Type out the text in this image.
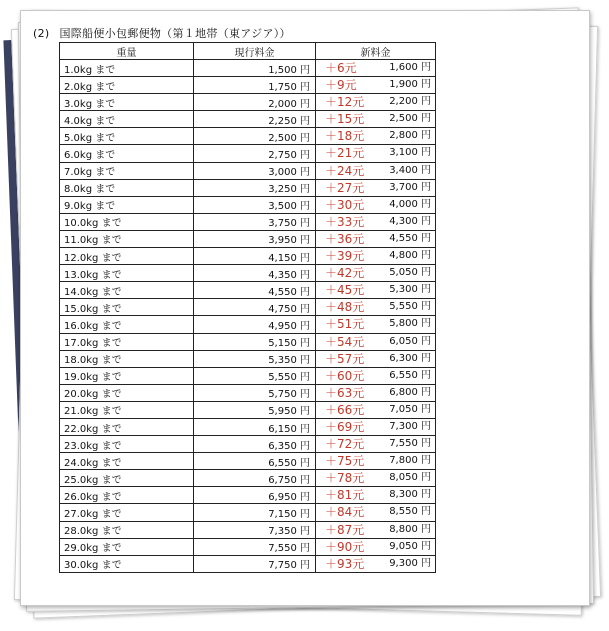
(2) 国際船便小包郵便物（第１地帯（東アジア））
重量	現行料金	新料金
1.0kg まで	1,500 円	＋6元 1,600 円

2.0kg まで	1,750 円	＋9元 1,900 円

3.0kg まで	2,000 円	＋12元 2,200 円

4.0kg まで	2,250 円	＋15元 2,500 円

5.0kg まで	2,500 円	＋18元 2,800 円

6.0kg まで	2,750 円	＋21元 3,100 円

7.0kg まで	3,000 円	＋24元 3,400 円

8.0kg まで	3,250 円	＋27元 3,700 円

9.0kg まで	3,500 円	＋30元 4,000 円

10.0kg まで	3,750 円	＋33元 4,300 円

11.0kg まで	3,950 円	＋36元 4,550 円

12.0kg まで	4,150 円	＋39元 4,800 円

13.0kg まで	4,350 円	＋42元 5,050 円

14.0kg まで	4,550 円	＋45元 5,300 円

15.0kg まで	4,750 円	＋48元 5,550 円

16.0kg まで	4,950 円	＋51元 5,800 円

17.0kg まで	5,150 円	＋54元 6,050 円

18.0kg まで	5,350 円	＋57元 6,300 円

19.0kg まで	5,550 円	＋60元 6,550 円

20.0kg まで	5,750 円	＋63元 6,800 円

21.0kg まで	5,950 円	＋66元 7,050 円

22.0kg まで	6,150 円	＋69元 7,300 円

23.0kg まで	6,350 円	＋72元 7,550 円

24.0kg まで	6,550 円	＋75元 7,800 円

25.0kg まで	6,750 円	＋78元 8,050 円

26.0kg まで	6,950 円	＋81元 8,300 円

27.0kg まで	7,150 円	＋84元 8,550 円

28.0kg まで	7,350 円	＋87元 8,800 円

29.0kg まで	7,550 円	＋90元 9,050 円

30.0kg まで	7,750 円	＋93元 9,300 円
